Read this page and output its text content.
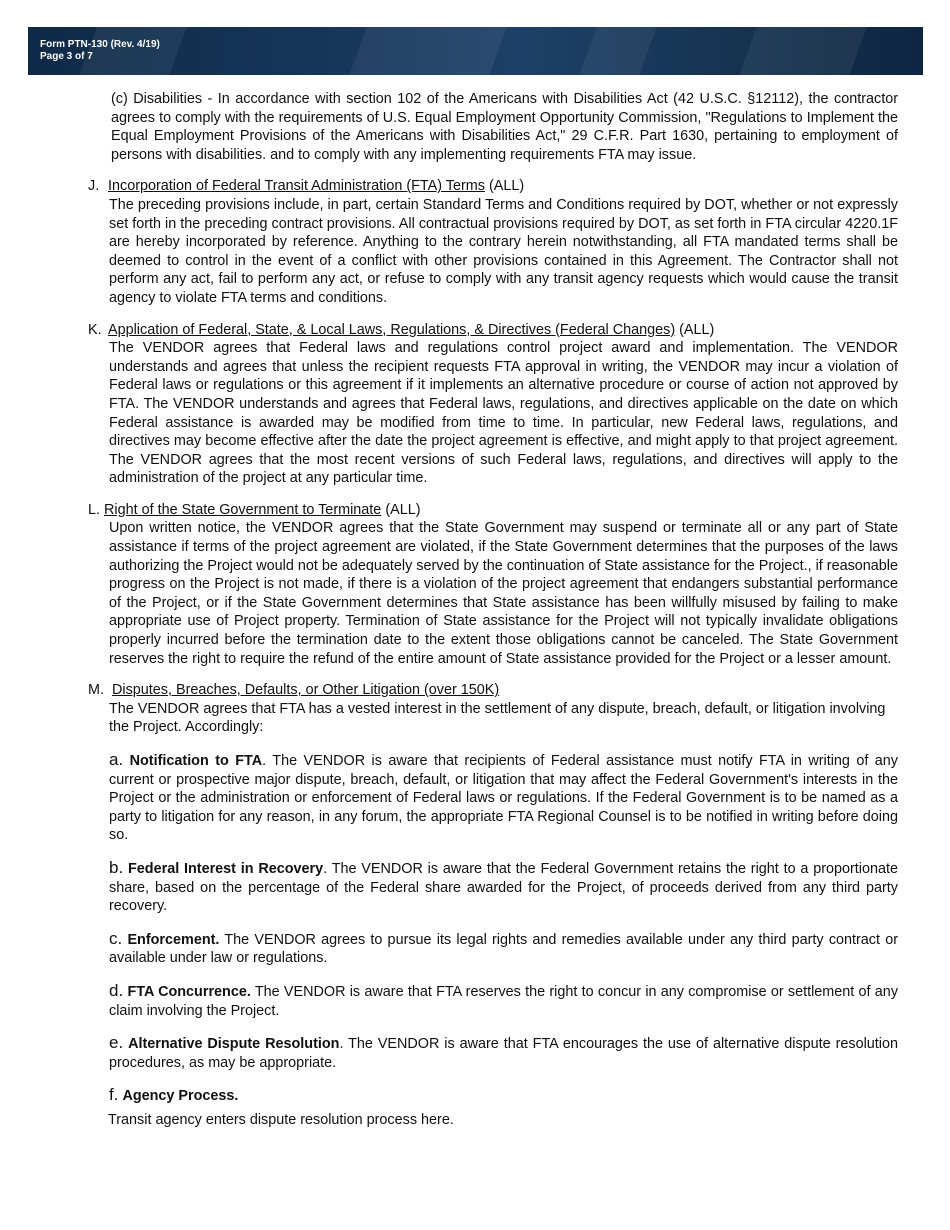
Form PTN-130 (Rev. 4/19)
Page 3 of 7

(c) Disabilities - In accordance with section 102 of the Americans with Disabilities Act (42 U.S.C. §12112), the contractor agrees to comply with the requirements of U.S. Equal Employment Opportunity Commission, "Regulations to Implement the Equal Employment Provisions of the Americans with Disabilities Act," 29 C.F.R. Part 1630, pertaining to employment of persons with disabilities. and to comply with any implementing requirements FTA may issue.

J. Incorporation of Federal Transit Administration (FTA) Terms (ALL)

The preceding provisions include, in part, certain Standard Terms and Conditions required by DOT, whether or not expressly set forth in the preceding contract provisions. All contractual provisions required by DOT, as set forth in FTA circular 4220.1F are hereby incorporated by reference. Anything to the contrary herein notwithstanding, all FTA mandated terms shall be deemed to control in the event of a conflict with other provisions contained in this Agreement. The Contractor shall not perform any act, fail to perform any act, or refuse to comply with any transit agency requests which would cause the transit agency to violate FTA terms and conditions.

K. Application of Federal, State, & Local Laws, Regulations, & Directives (Federal Changes) (ALL)

The VENDOR agrees that Federal laws and regulations control project award and implementation. The VENDOR understands and agrees that unless the recipient requests FTA approval in writing, the VENDOR may incur a violation of Federal laws or regulations or this agreement if it implements an alternative procedure or course of action not approved by FTA. The VENDOR understands and agrees that Federal laws, regulations, and directives applicable on the date on which Federal assistance is awarded may be modified from time to time. In particular, new Federal laws, regulations, and directives may become effective after the date the project agreement is effective, and might apply to that project agreement. The VENDOR agrees that the most recent versions of such Federal laws, regulations, and directives will apply to the administration of the project at any particular time.

L. Right of the State Government to Terminate (ALL)

Upon written notice, the VENDOR agrees that the State Government may suspend or terminate all or any part of State assistance if terms of the project agreement are violated, if the State Government determines that the purposes of the laws authorizing the Project would not be adequately served by the continuation of State assistance for the Project., if reasonable progress on the Project is not made, if there is a violation of the project agreement that endangers substantial performance of the Project, or if the State Government determines that State assistance has been willfully misused by failing to make appropriate use of Project property. Termination of State assistance for the Project will not typically invalidate obligations properly incurred before the termination date to the extent those obligations cannot be canceled. The State Government reserves the right to require the refund of the entire amount of State assistance provided for the Project or a lesser amount.

M. Disputes, Breaches, Defaults, or Other Litigation (over 150K)

The VENDOR agrees that FTA has a vested interest in the settlement of any dispute, breach, default, or litigation involving the Project. Accordingly:

a. Notification to FTA. The VENDOR is aware that recipients of Federal assistance must notify FTA in writing of any current or prospective major dispute, breach, default, or litigation that may affect the Federal Government's interests in the Project or the administration or enforcement of Federal laws or regulations. If the Federal Government is to be named as a party to litigation for any reason, in any forum, the appropriate FTA Regional Counsel is to be notified in writing before doing so.

b. Federal Interest in Recovery. The VENDOR is aware that the Federal Government retains the right to a proportionate share, based on the percentage of the Federal share awarded for the Project, of proceeds derived from any third party recovery.

c. Enforcement. The VENDOR agrees to pursue its legal rights and remedies available under any third party contract or available under law or regulations.

d. FTA Concurrence. The VENDOR is aware that FTA reserves the right to concur in any compromise or settlement of any claim involving the Project.

e. Alternative Dispute Resolution. The VENDOR is aware that FTA encourages the use of alternative dispute resolution procedures, as may be appropriate.

f. Agency Process.

Transit agency enters dispute resolution process here.
